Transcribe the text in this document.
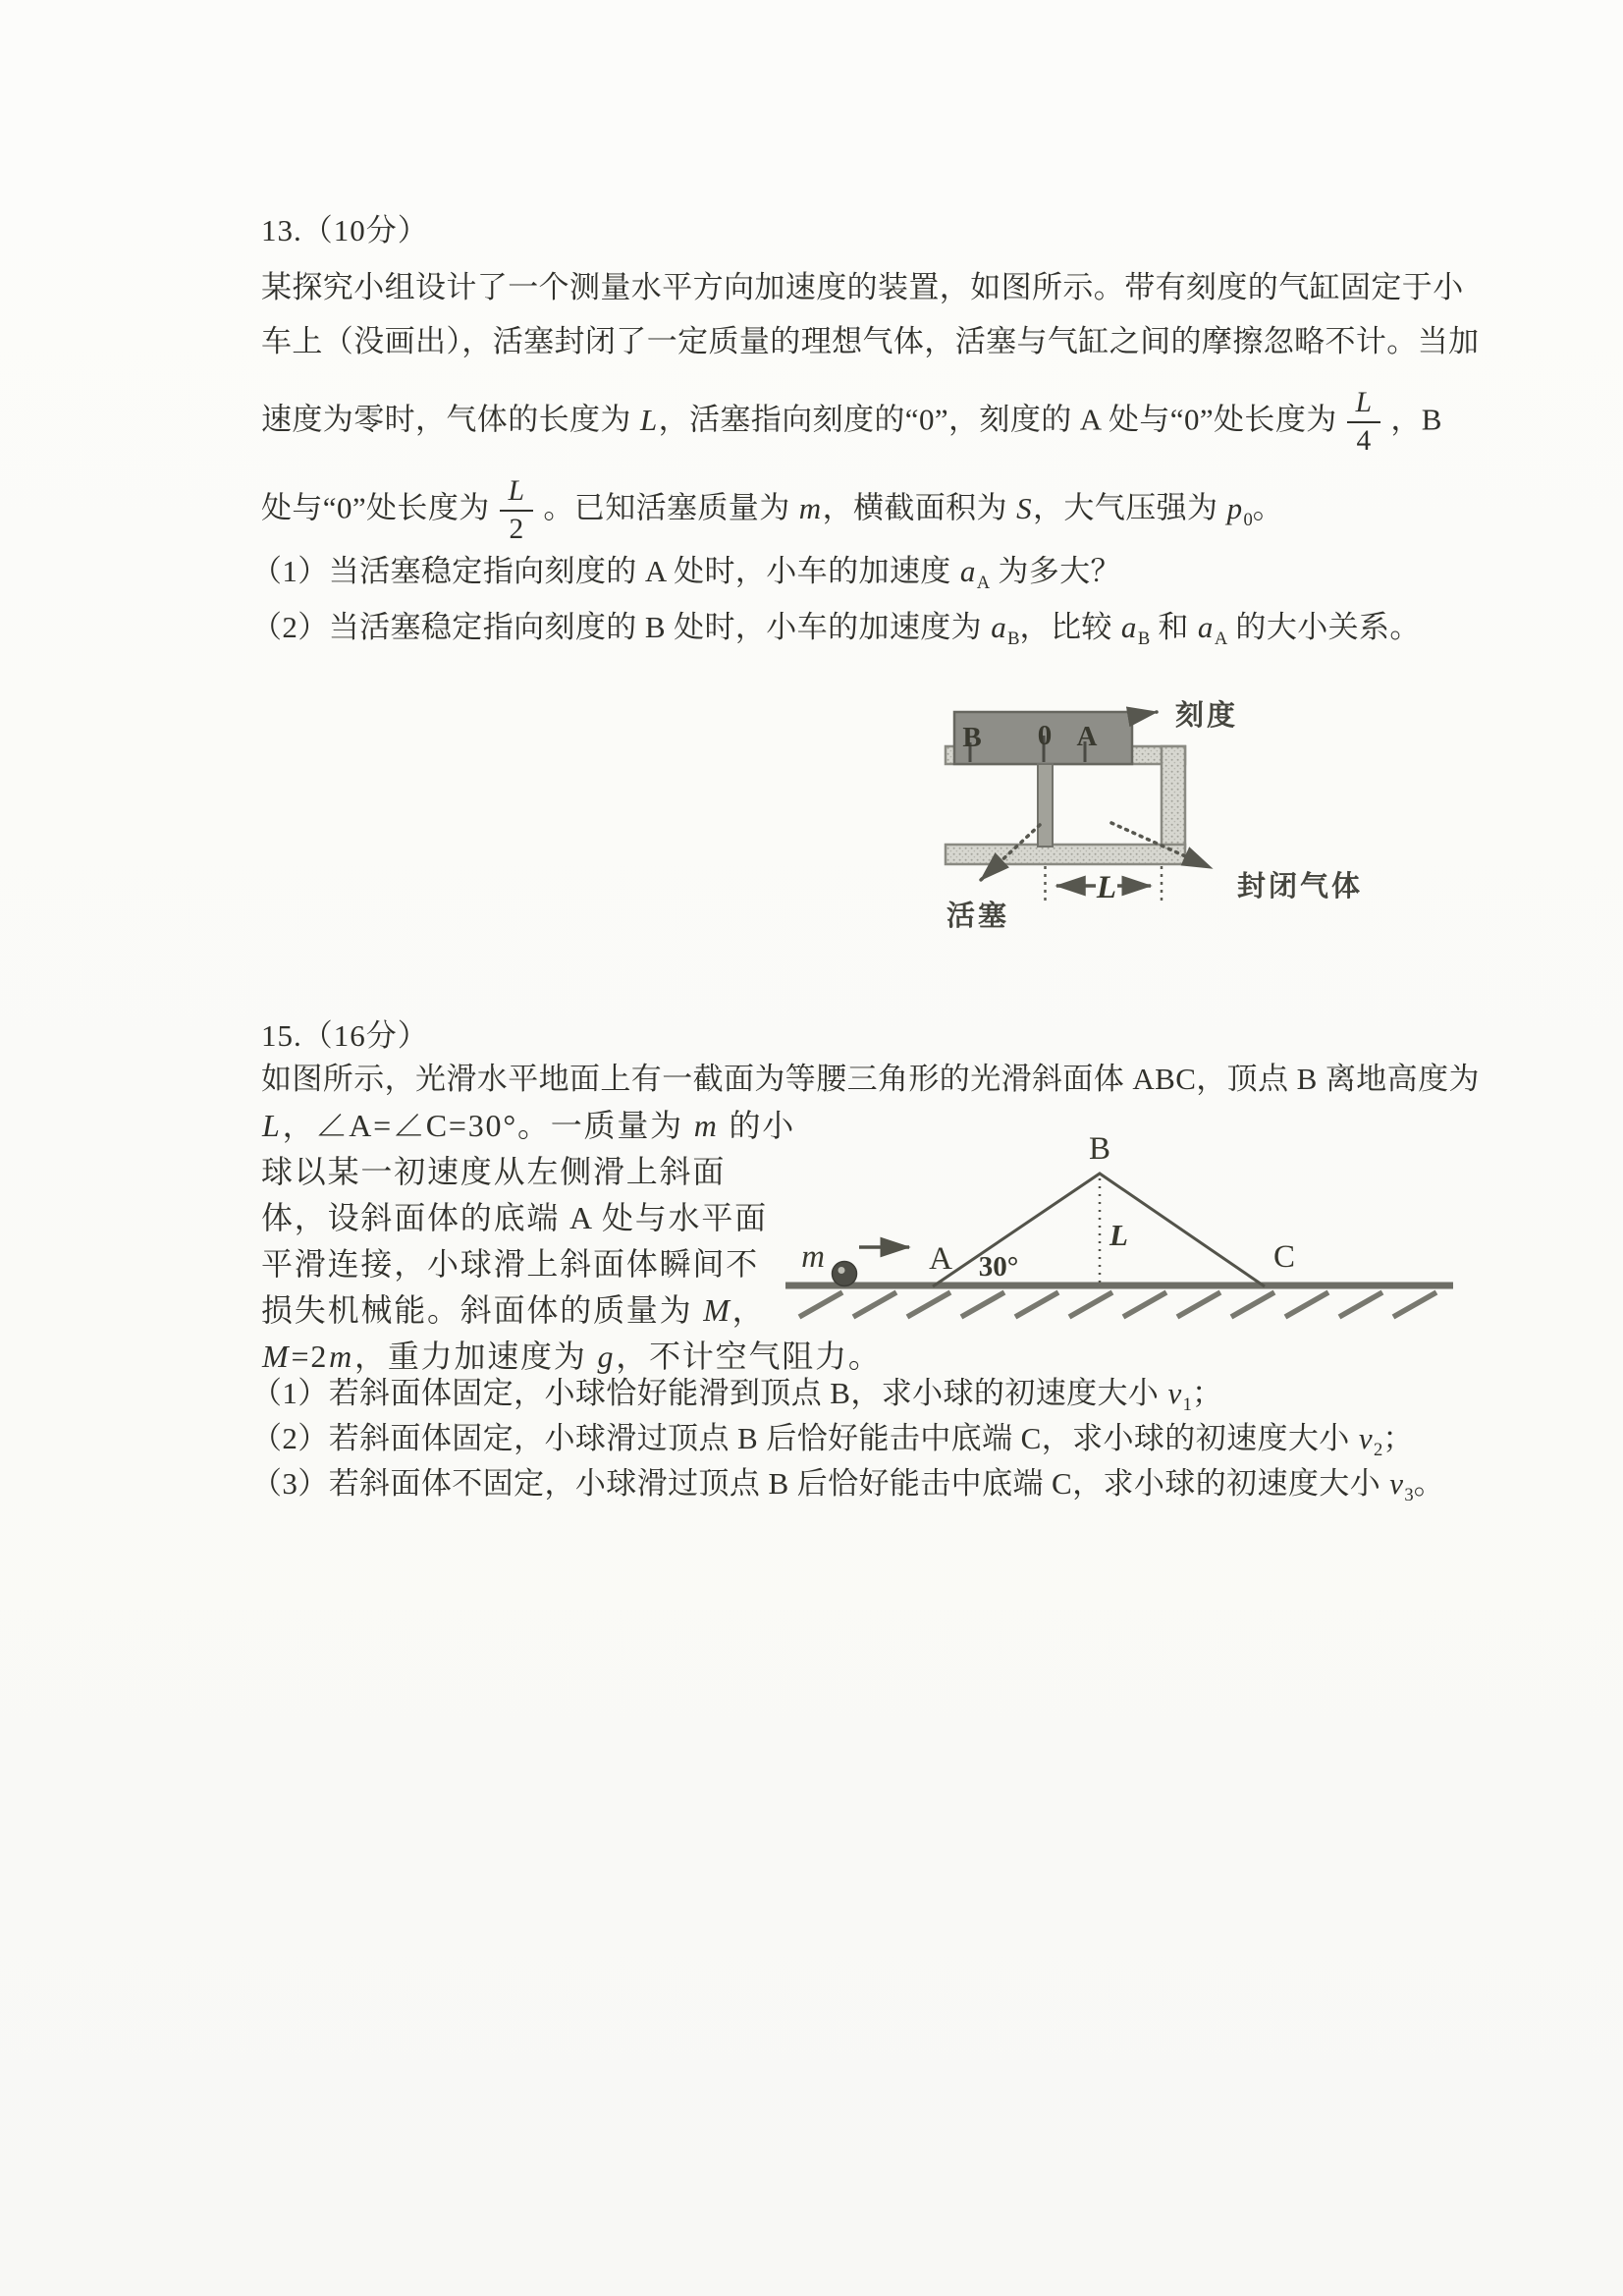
13.（10分）
某探究小组设计了一个测量水平方向加速度的装置，如图所示。带有刻度的气缸固定于小
车上（没画出），活塞封闭了一定质量的理想气体，活塞与气缸之间的摩擦忽略不计。当加
速度为零时，气体的长度为 L，活塞指向刻度的“0”，刻度的 A 处与“0”处长度为 $\frac{L}{4}$ ，B
处与“0”处长度为 $\frac{L}{2}$ 。已知活塞质量为 m，横截面积为 S，大气压强为 $p_0$。
（1）当活塞稳定指向刻度的 A 处时，小车的加速度 $a_A$ 为多大？
（2）当活塞稳定指向刻度的 B 处时，小车的加速度为 $a_B$，比较 $a_B$ 和 $a_A$ 的大小关系。
B 0 A
L
刻度
活塞
封闭气体
15.（16分）
如图所示，光滑水平地面上有一截面为等腰三角形的光滑斜面体 ABC，顶点 B 离地高度为
L，∠A=∠C=30°。一质量为 m 的小
球以某一初速度从左侧滑上斜面
体，设斜面体的底端 A 处与水平面
平滑连接，小球滑上斜面体瞬间不
损失机械能。斜面体的质量为 M，
M=2m，重力加速度为 g，不计空气阻力。
（1）若斜面体固定，小球恰好能滑到顶点 B，求小球的初速度大小 $v_1$；
（2）若斜面体固定，小球滑过顶点 B 后恰好能击中底端 C，求小球的初速度大小 $v_2$；
（3）若斜面体不固定，小球滑过顶点 B 后恰好能击中底端 C，求小球的初速度大小 $v_3$。
B
A	C
30°
L
m
